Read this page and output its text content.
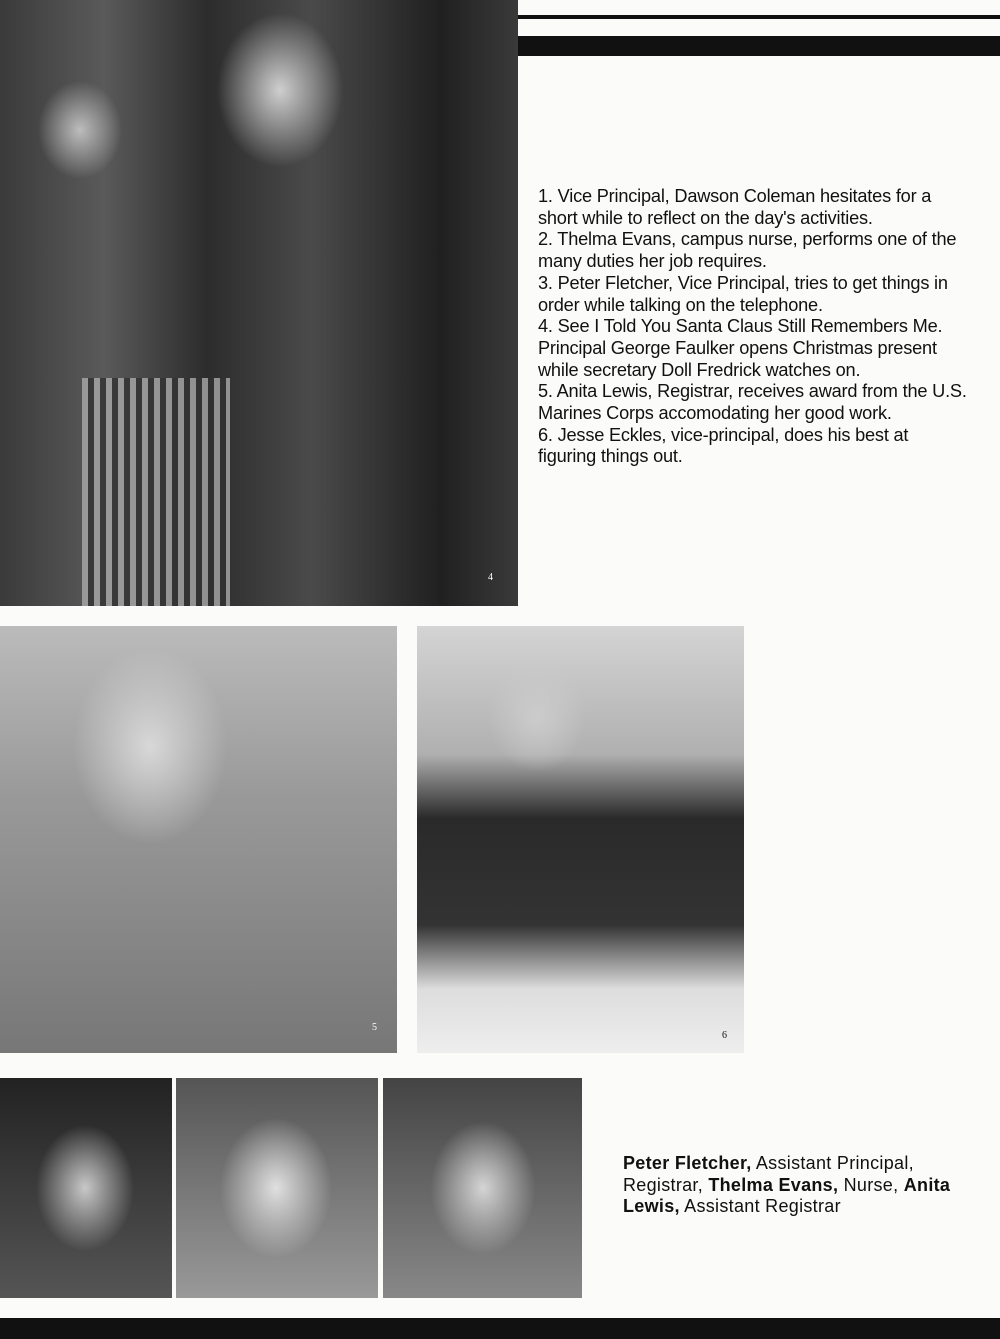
4
1. Vice Principal, Dawson Coleman hesitates for a short while to reflect on the day's activities.
2. Thelma Evans, campus nurse, performs one of the many duties her job requires.
3. Peter Fletcher, Vice Principal, tries to get things in order while talking on the telephone.
4. See I Told You Santa Claus Still Remembers Me. Principal George Faulker opens Christmas present while secretary Doll Fredrick watches on.
5. Anita Lewis, Registrar, receives award from the U.S. Marines Corps accomodating her good work.
6. Jesse Eckles, vice-principal, does his best at figuring things out.
5
6
Peter Fletcher, Assistant Principal, Registrar, Thelma Evans, Nurse, Anita Lewis, Assistant Registrar
